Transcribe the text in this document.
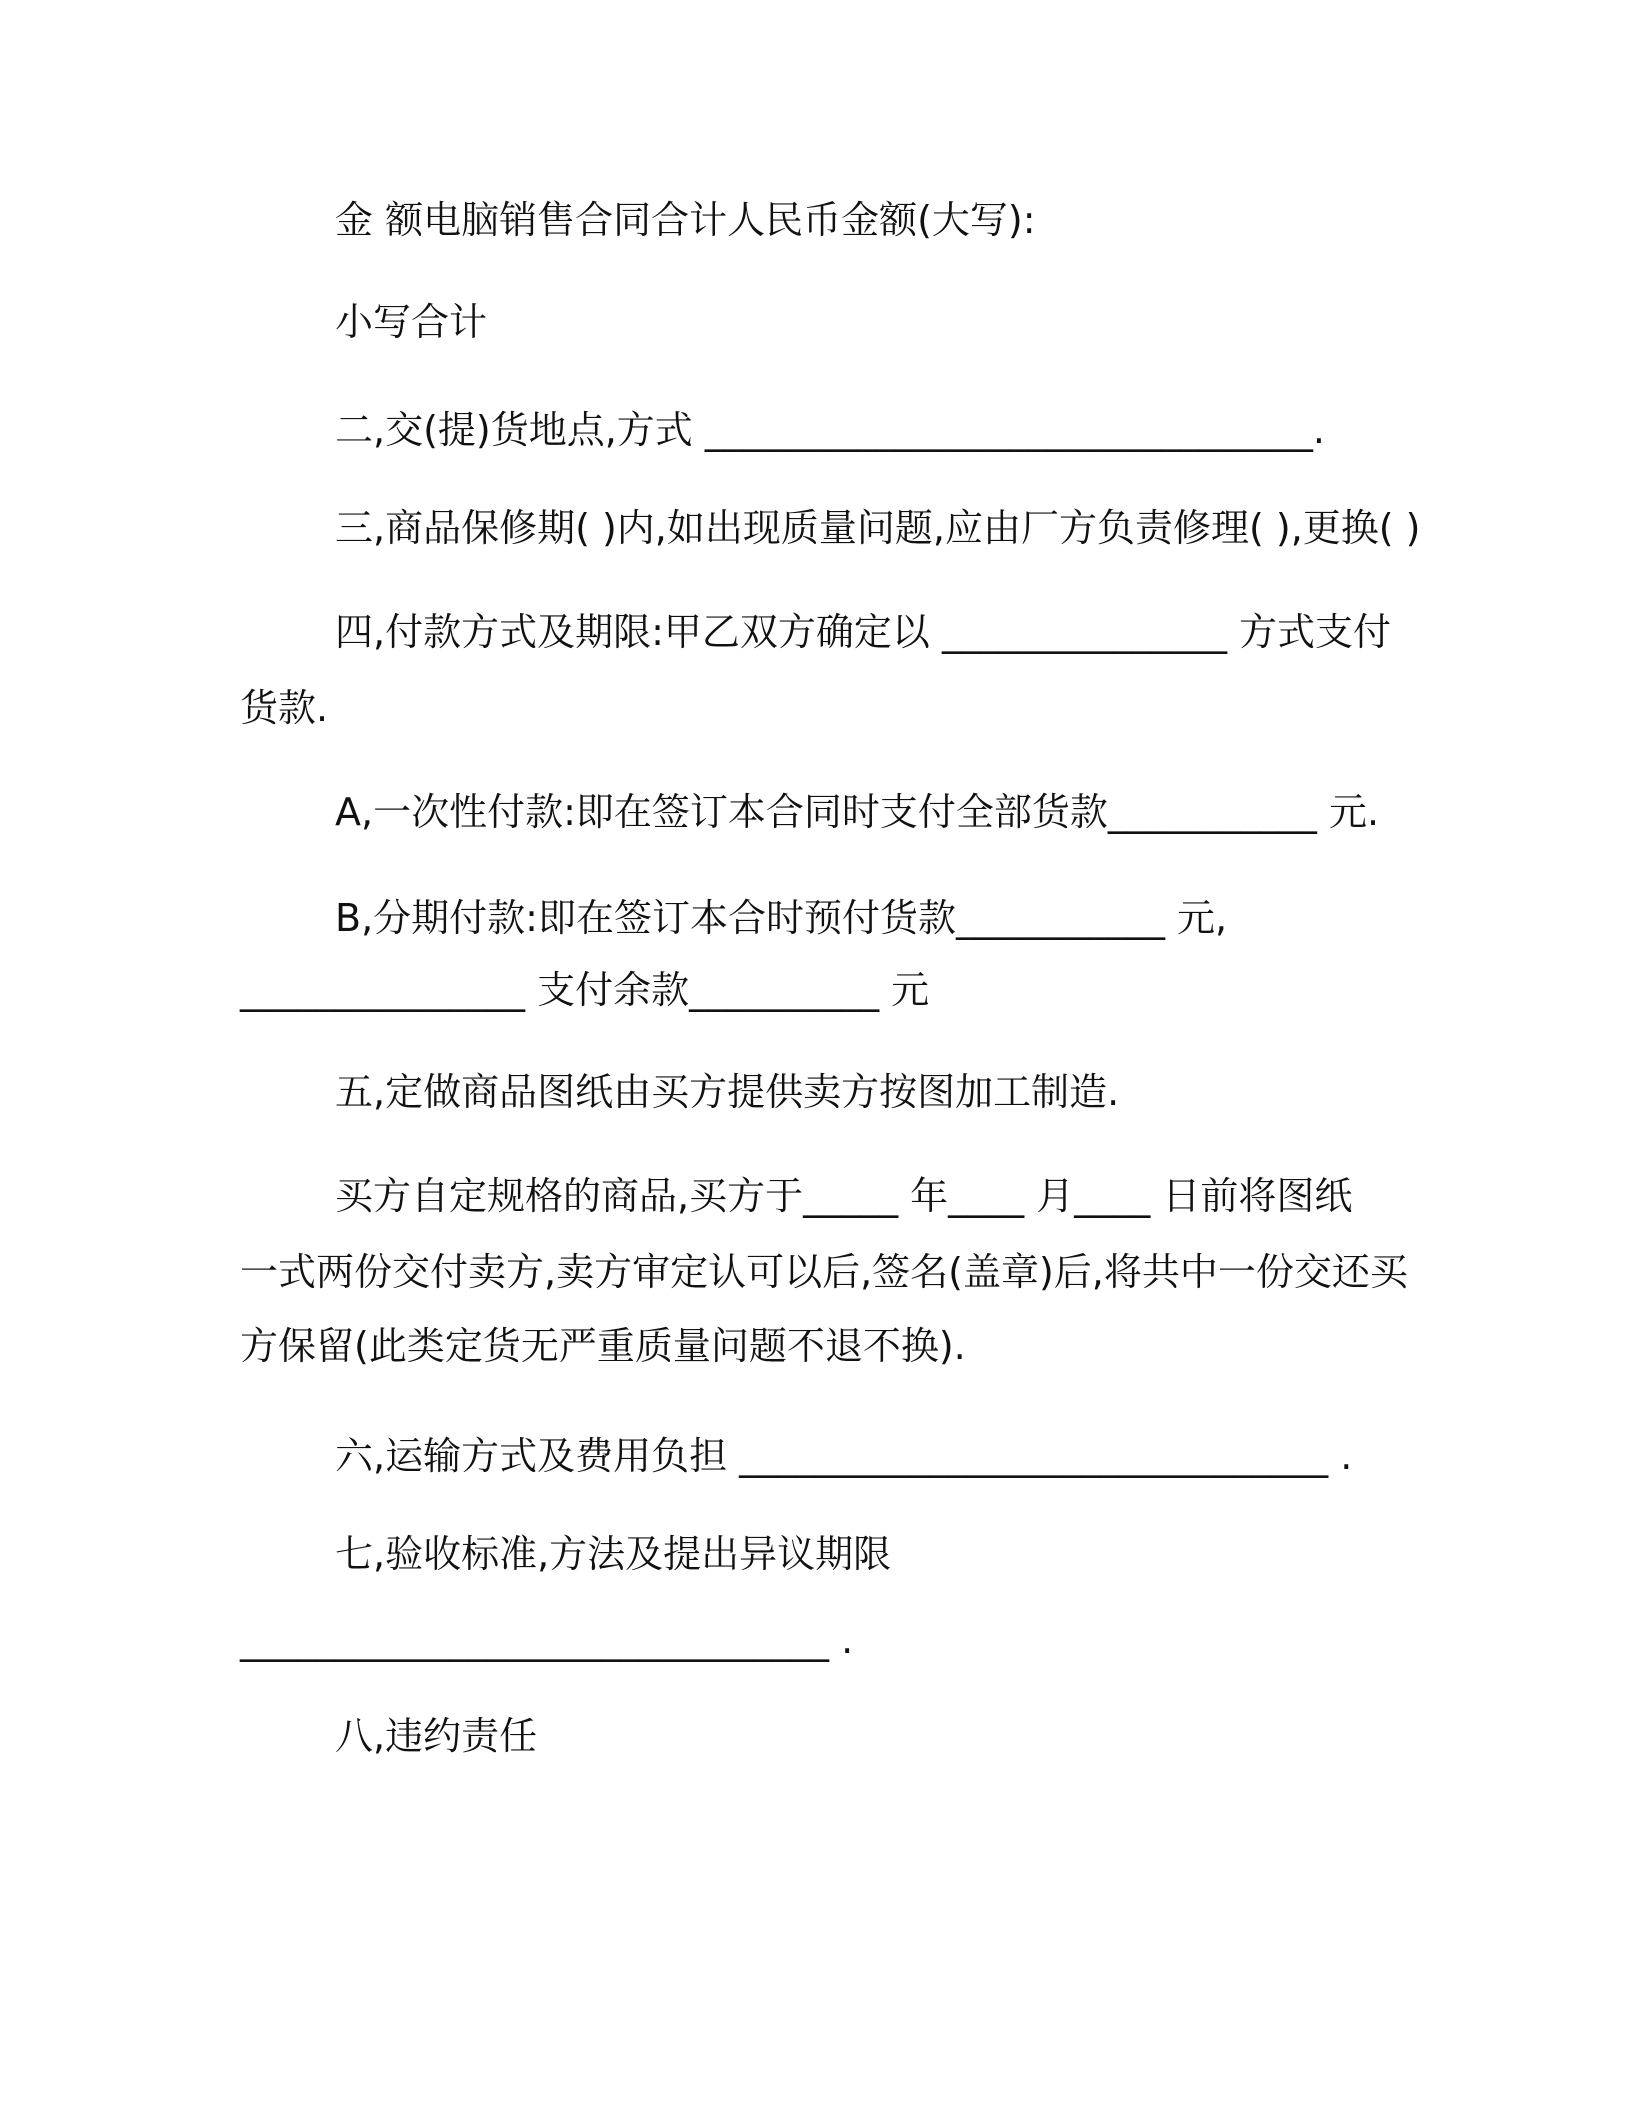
金 额电脑销售合同合计人民币金额(大写):
小写合计
二,交(提)货地点,方式 ________________________________.
三,商品保修期( )内,如出现质量问题,应由厂方负责修理( ),更换( )
四,付款方式及期限:甲乙双方确定以 _______________ 方式支付
货款.
A,一次性付款:即在签订本合同时支付全部货款___________ 元.
B,分期付款:即在签订本合时预付货款___________ 元,
_______________ 支付余款__________ 元
五,定做商品图纸由买方提供卖方按图加工制造.
买方自定规格的商品,买方于_____ 年____ 月____ 日前将图纸
一式两份交付卖方,卖方审定认可以后,签名(盖章)后,将共中一份交还买
方保留(此类定货无严重质量问题不退不换).
六,运输方式及费用负担 _______________________________ .
七,验收标准,方法及提出异议期限
_______________________________ .
八,违约责任
